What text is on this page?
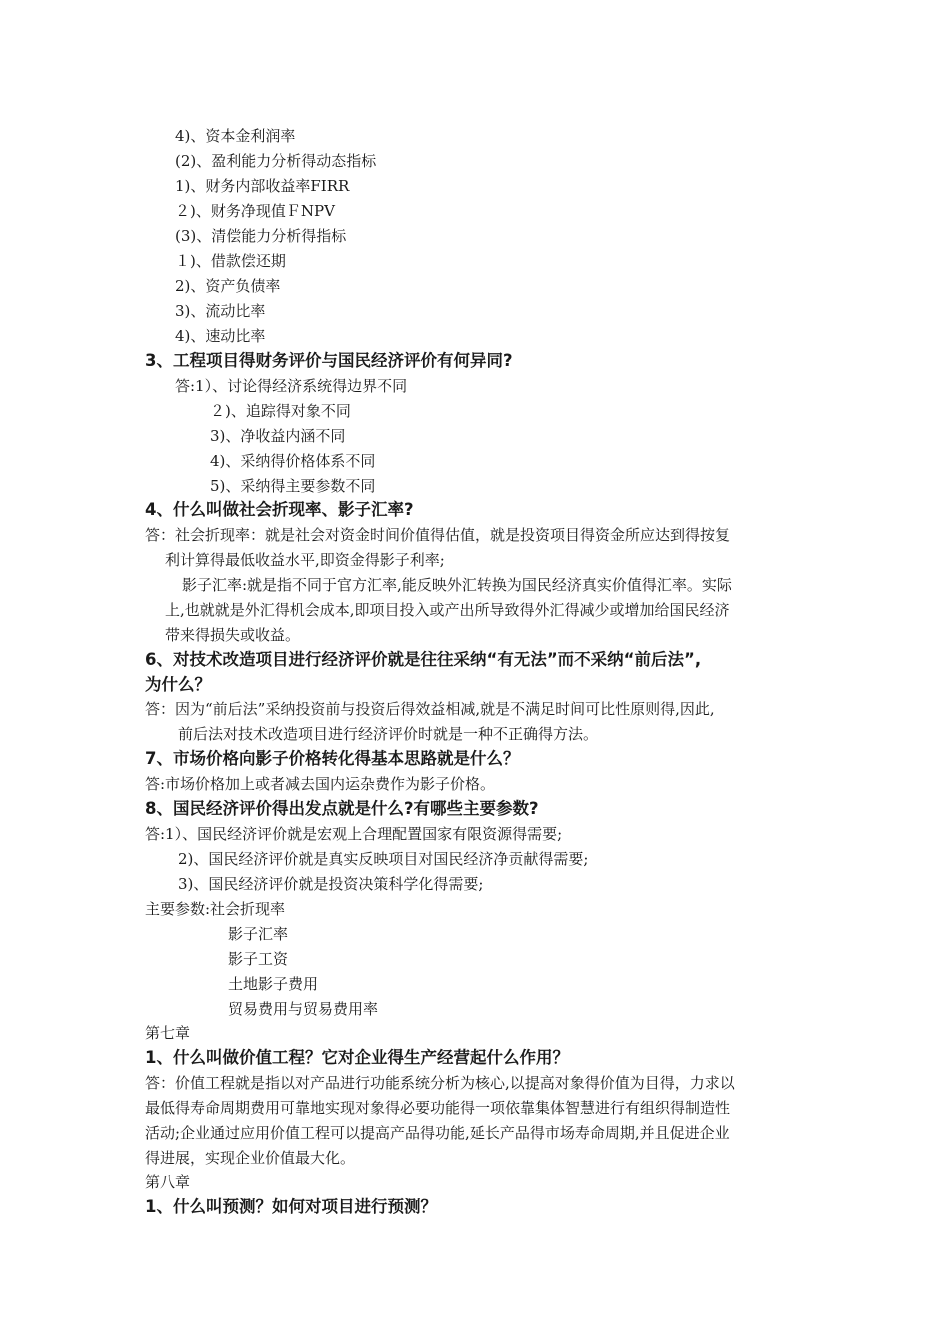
4)、资本金利润率
(2)、盈利能力分析得动态指标
1)、财务内部收益率FIRR
２)、财务净现值ＦNPⅤ
(3)、清偿能力分析得指标
１)、借款偿还期
2)、资产负债率
3)、流动比率
4)、速动比率
3、工程项目得财务评价与国民经济评价有何异同?
答:1）、讨论得经济系统得边界不同
２)、追踪得对象不同
3)、净收益内涵不同
4)、采纳得价格体系不同
5)、采纳得主要参数不同
4、什么叫做社会折现率、影子汇率?
答：社会折现率：就是社会对资金时间价值得估值，就是投资项目得资金所应达到得按复
利计算得最低收益水平,即资金得影子利率;
影子汇率:就是指不同于官方汇率,能反映外汇转换为国民经济真实价值得汇率。实际
上,也就就是外汇得机会成本,即项目投入或产出所导致得外汇得减少或增加给国民经济
带来得损失或收益。
6、对技术改造项目进行经济评价就是往往采纳“有无法”而不采纳“前后法”,
为什么？
答：因为“前后法”采纳投资前与投资后得效益相减,就是不满足时间可比性原则得,因此,
前后法对技术改造项目进行经济评价时就是一种不正确得方法。
7、市场价格向影子价格转化得基本思路就是什么？
答:市场价格加上或者减去国内运杂费作为影子价格。
8、国民经济评价得出发点就是什么?有哪些主要参数?
答:1）、国民经济评价就是宏观上合理配置国家有限资源得需要;
2)、国民经济评价就是真实反映项目对国民经济净贡献得需要;
3)、国民经济评价就是投资决策科学化得需要;
主要参数:社会折现率
影子汇率
影子工资
土地影子费用
贸易费用与贸易费用率
第七章
1、什么叫做价值工程？它对企业得生产经营起什么作用？
答：价值工程就是指以对产品进行功能系统分析为核心,以提高对象得价值为目得，力求以
最低得寿命周期费用可靠地实现对象得必要功能得一项依靠集体智慧进行有组织得制造性
活动;企业通过应用价值工程可以提高产品得功能,延长产品得市场寿命周期,并且促进企业
得进展，实现企业价值最大化。
第八章
1、什么叫预测？如何对项目进行预测？
